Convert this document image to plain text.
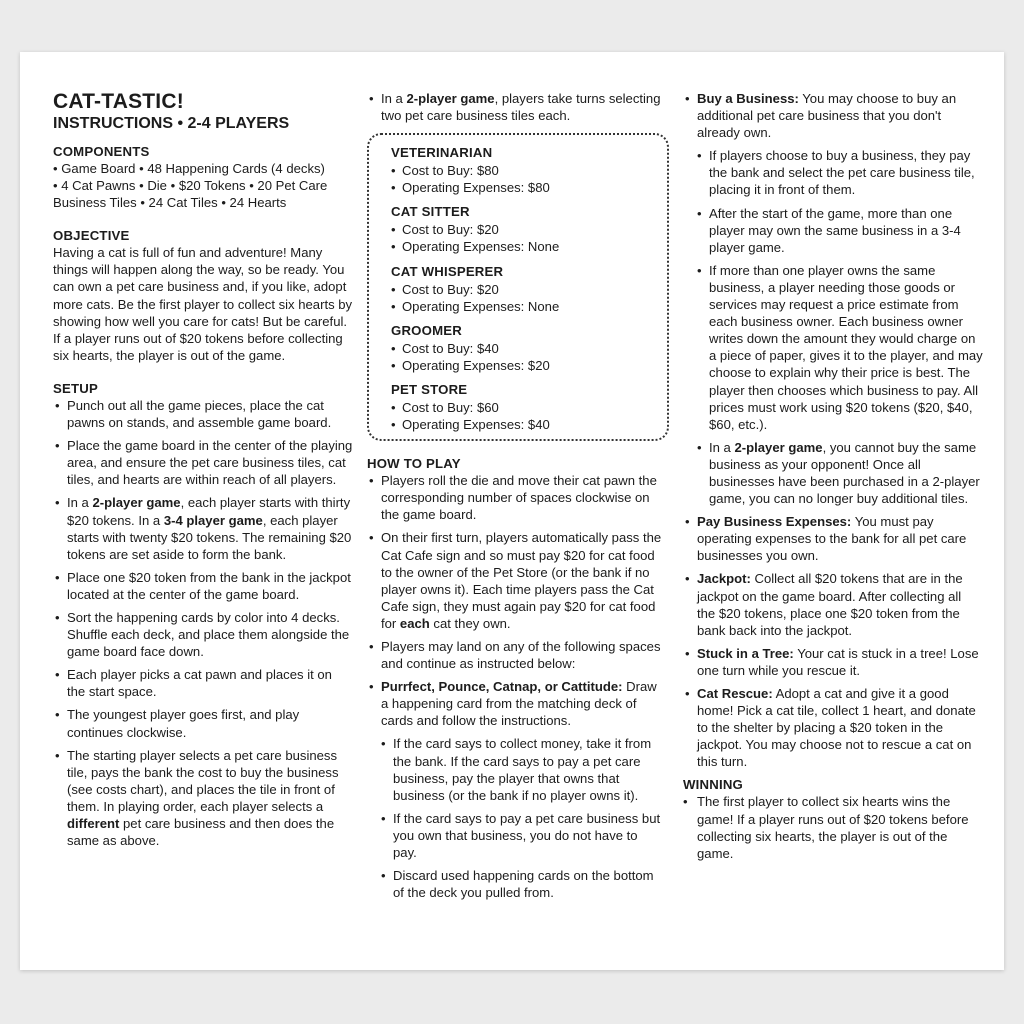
CAT-TASTIC!
INSTRUCTIONS • 2-4 PLAYERS
COMPONENTS

• Game Board • 48 Happening Cards (4 decks)

• 4 Cat Pawns • Die • $20 Tokens • 20 Pet Care

Business Tiles • 24 Cat Tiles • 24 Hearts

OBJECTIVE

Having a cat is full of fun and adventure! Many things will happen along the way, so be ready. You can own a pet care business and, if you like, adopt more cats. Be the first player to collect six hearts by showing how well you care for cats! But be careful. If a player runs out of $20 tokens before collecting six hearts, the player is out of the game.

SETUP
• Punch out all the game pieces, place the cat pawns on stands, and assemble game board.
• Place the game board in the center of the playing area, and ensure the pet care business tiles, cat tiles, and hearts are within reach of all players.
• In a 2-player game, each player starts with thirty $20 tokens. In a 3-4 player game, each player starts with twenty $20 tokens. The remaining $20 tokens are set aside to form the bank.
• Place one $20 token from the bank in the jackpot located at the center of the game board.
• Sort the happening cards by color into 4 decks. Shuffle each deck, and place them alongside the game board face down.
• Each player picks a cat pawn and places it on the start space.
• The youngest player goes first, and play continues clockwise.
• The starting player selects a pet care business tile, pays the bank the cost to buy the business (see costs chart), and places the tile in front of them. In playing order, each player selects a different pet care business and then does the same as above.
• In a 2-player game, players take turns selecting two pet care business tiles each.
VETERINARIAN
• Cost to Buy: $80
• Operating Expenses: $80
CAT SITTER
• Cost to Buy: $20
• Operating Expenses: None
CAT WHISPERER
• Cost to Buy: $20
• Operating Expenses: None
GROOMER
• Cost to Buy: $40
• Operating Expenses: $20
PET STORE
• Cost to Buy: $60
• Operating Expenses: $40
HOW TO PLAY
• Players roll the die and move their cat pawn the corresponding number of spaces clockwise on the game board.
• On their first turn, players automatically pass the Cat Cafe sign and so must pay $20 for cat food to the owner of the Pet Store (or the bank if no player owns it). Each time players pass the Cat Cafe sign, they must again pay $20 for cat food for each cat they own.
• Players may land on any of the following spaces and continue as instructed below:
• Purrfect, Pounce, Catnap, or Cattitude: Draw a happening card from the matching deck of cards and follow the instructions.
• If the card says to collect money, take it from the bank. If the card says to pay a pet care business, pay the player that owns that business (or the bank if no player owns it).
• If the card says to pay a pet care business but you own that business, you do not have to pay.
• Discard used happening cards on the bottom of the deck you pulled from.
• Buy a Business: You may choose to buy an additional pet care business that you don't already own.
• If players choose to buy a business, they pay the bank and select the pet care business tile, placing it in front of them.
• After the start of the game, more than one player may own the same business in a 3-4 player game.
• If more than one player owns the same business, a player needing those goods or services may request a price estimate from each business owner. Each business owner writes down the amount they would charge on a piece of paper, gives it to the player, and may choose to explain why their price is best. The player then chooses which business to pay. All prices must work using $20 tokens ($20, $40, $60, etc.).
• In a 2-player game, you cannot buy the same business as your opponent! Once all businesses have been purchased in a 2-player game, you can no longer buy additional tiles.
• Pay Business Expenses: You must pay operating expenses to the bank for all pet care businesses you own.
• Jackpot: Collect all $20 tokens that are in the jackpot on the game board. After collecting all the $20 tokens, place one $20 token from the bank back into the jackpot.
• Stuck in a Tree: Your cat is stuck in a tree! Lose one turn while you rescue it.
• Cat Rescue: Adopt a cat and give it a good home! Pick a cat tile, collect 1 heart, and donate to the shelter by placing a $20 token in the jackpot. You may choose not to rescue a cat on this turn.
WINNING
• The first player to collect six hearts wins the game! If a player runs out of $20 tokens before collecting six hearts, the player is out of the game.
